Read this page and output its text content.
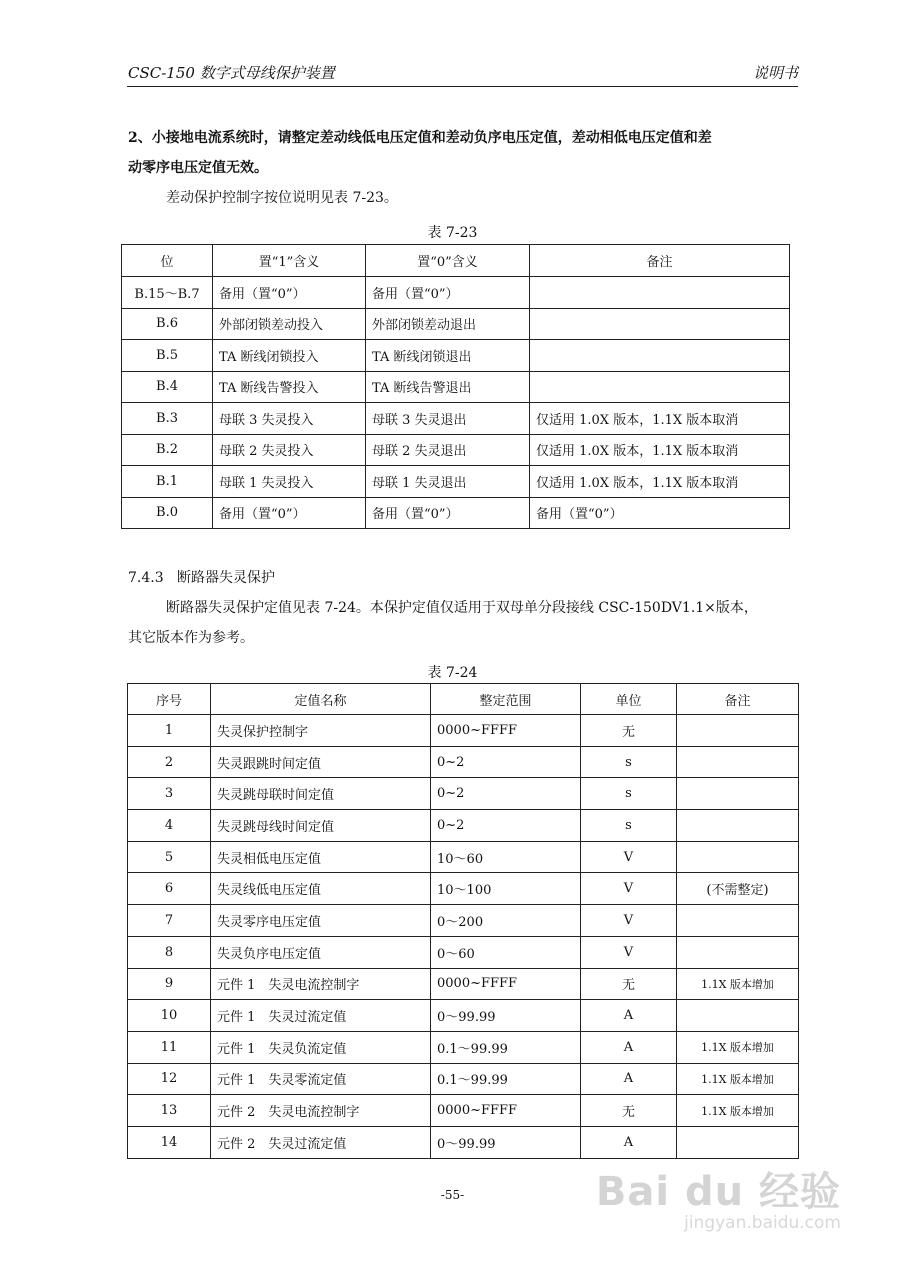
CSC-150 数字式母线保护装置	说明书
2、小接地电流系统时，请整定差动线低电压定值和差动负序电压定值，差动相低电压定值和差
动零序电压定值无效。
差动保护控制字按位说明见表 7-23。
表 7-23
位	置“1”含义	置“0”含义	备注
B.15～B.7	备用（置“0”）	备用（置“0”）	
B.6	外部闭锁差动投入	外部闭锁差动退出	
B.5	TA 断线闭锁投入	TA 断线闭锁退出	
B.4	TA 断线告警投入	TA 断线告警退出	
B.3	母联 3 失灵投入	母联 3 失灵退出	仅适用 1.0X 版本，1.1X 版本取消
B.2	母联 2 失灵投入	母联 2 失灵退出	仅适用 1.0X 版本，1.1X 版本取消
B.1	母联 1 失灵投入	母联 1 失灵退出	仅适用 1.0X 版本，1.1X 版本取消
B.0	备用（置“0”）	备用（置“0”）	备用（置“0”）
7.4.3 断路器失灵保护
断路器失灵保护定值见表 7-24。本保护定值仅适用于双母单分段接线 CSC-150DV1.1×版本，
其它版本作为参考。
表 7-24
序号	定值名称	整定范围	单位	备注
1	失灵保护控制字	0000~FFFF	无	
2	失灵跟跳时间定值	0~2	s	
3	失灵跳母联时间定值	0~2	s	
4	失灵跳母线时间定值	0~2	s	
5	失灵相低电压定值	10～60	V	
6	失灵线低电压定值	10～100	V	(不需整定)
7	失灵零序电压定值	0～200	V	
8	失灵负序电压定值	0～60	V	
9	元件 1　失灵电流控制字	0000~FFFF	无	1.1X 版本增加
10	元件 1　失灵过流定值	0～99.99	A	
11	元件 1　失灵负流定值	0.1～99.99	A	1.1X 版本增加
12	元件 1　失灵零流定值	0.1～99.99	A	1.1X 版本增加
13	元件 2　失灵电流控制字	0000~FFFF	无	1.1X 版本增加
14	元件 2　失灵过流定值	0～99.99	A	
-55-	Bai du 经验
jingyan.baidu.com
